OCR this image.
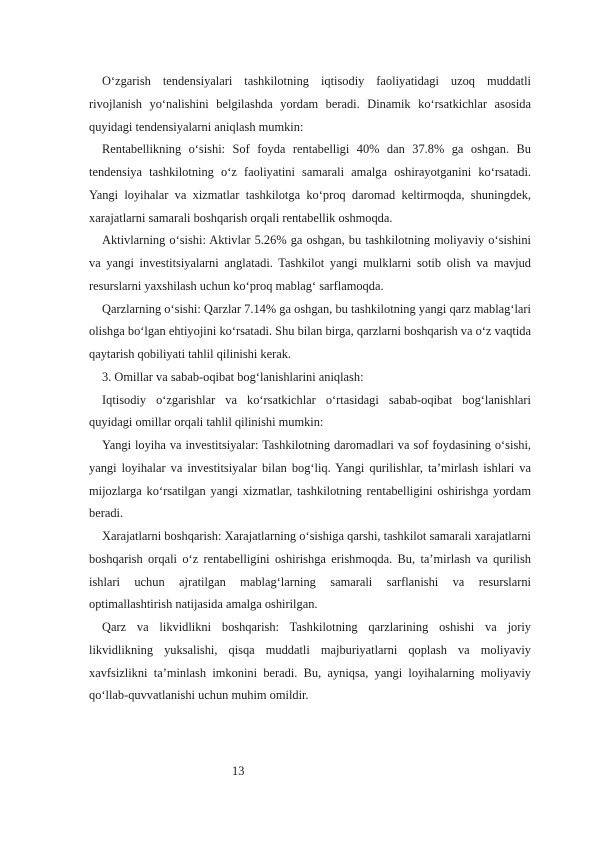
O‘zgarish tendensiyalari tashkilotning iqtisodiy faoliyatidagi uzoq muddatli rivojlanish yo‘nalishini belgilashda yordam beradi. Dinamik ko‘rsatkichlar asosida quyidagi tendensiyalarni aniqlash mumkin:

Rentabellikning o‘sishi: Sof foyda rentabelligi 40% dan 37.8% ga oshgan. Bu tendensiya tashkilotning o‘z faoliyatini samarali amalga oshirayotganini ko‘rsatadi. Yangi loyihalar va xizmatlar tashkilotga ko‘proq daromad keltirmoqda, shuningdek, xarajatlarni samarali boshqarish orqali rentabellik oshmoqda.

Aktivlarning o‘sishi: Aktivlar 5.26% ga oshgan, bu tashkilotning moliyaviy o‘sishini va yangi investitsiyalarni anglatadi. Tashkilot yangi mulklarni sotib olish va mavjud resurslarni yaxshilash uchun ko‘proq mablag‘ sarflamoqda.

Qarzlarning o‘sishi: Qarzlar 7.14% ga oshgan, bu tashkilotning yangi qarz mablag‘lari olishga bo‘lgan ehtiyojini ko‘rsatadi. Shu bilan birga, qarzlarni boshqarish va o‘z vaqtida qaytarish qobiliyati tahlil qilinishi kerak.

3. Omillar va sabab-oqibat bog‘lanishlarini aniqlash:

Iqtisodiy o‘zgarishlar va ko‘rsatkichlar o‘rtasidagi sabab-oqibat bog‘lanishlari quyidagi omillar orqali tahlil qilinishi mumkin:

Yangi loyiha va investitsiyalar: Tashkilotning daromadlari va sof foydasining o‘sishi, yangi loyihalar va investitsiyalar bilan bog‘liq. Yangi qurilishlar, ta’mirlash ishlari va mijozlarga ko‘rsatilgan yangi xizmatlar, tashkilotning rentabelligini oshirishga yordam beradi.

Xarajatlarni boshqarish: Xarajatlarning o‘sishiga qarshi, tashkilot samarali xarajatlarni boshqarish orqali o‘z rentabelligini oshirishga erishmoqda. Bu, ta’mirlash va qurilish ishlari uchun ajratilgan mablag‘larning samarali sarflanishi va resurslarni optimallashtirish natijasida amalga oshirilgan.

Qarz va likvidlikni boshqarish: Tashkilotning qarzlarining oshishi va joriy likvidlikning yuksalishi, qisqa muddatli majburiyatlarni qoplash va moliyaviy xavfsizlikni ta’minlash imkonini beradi. Bu, ayniqsa, yangi loyihalarning moliyaviy qo‘llab-quvvatlanishi uchun muhim omildir.

13
